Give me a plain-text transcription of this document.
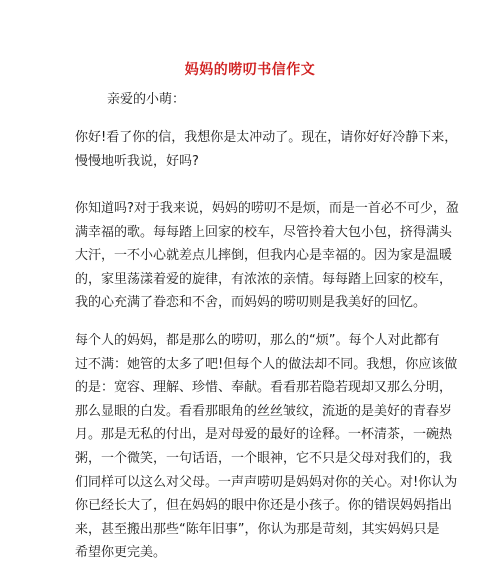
妈妈的唠叨书信作文
亲爱的小萌：

你好!看了你的信，我想你是太冲动了。现在，请你好好冷静下来，
慢慢地听我说，好吗?

你知道吗?对于我来说，妈妈的唠叨不是烦，而是一首必不可少，盈
满幸福的歌。每每踏上回家的校车，尽管拎着大包小包，挤得满头
大汗，一不小心就差点儿摔倒，但我内心是幸福的。因为家是温暖
的，家里荡漾着爱的旋律，有浓浓的亲情。每每踏上回家的校车，
我的心充满了眷恋和不舍，而妈妈的唠叨则是我美好的回忆。

每个人的妈妈，都是那么的唠叨，那么的“烦”。每个人对此都有
过不满：她管的太多了吧!但每个人的做法却不同。我想，你应该做
的是：宽容、理解、珍惜、奉献。看看那若隐若现却又那么分明，
那么显眼的白发。看看那眼角的丝丝皱纹，流逝的是美好的青春岁
月。那是无私的付出，是对母爱的最好的诠释。一杯清茶，一碗热
粥，一个微笑，一句话语，一个眼神，它不只是父母对我们的，我
们同样可以这么对父母。一声声唠叨是妈妈对你的关心。对!你认为
你已经长大了，但在妈妈的眼中你还是小孩子。你的错误妈妈指出
来，甚至搬出那些“陈年旧事”，你认为那是苛刻，其实妈妈只是
希望你更完美。
